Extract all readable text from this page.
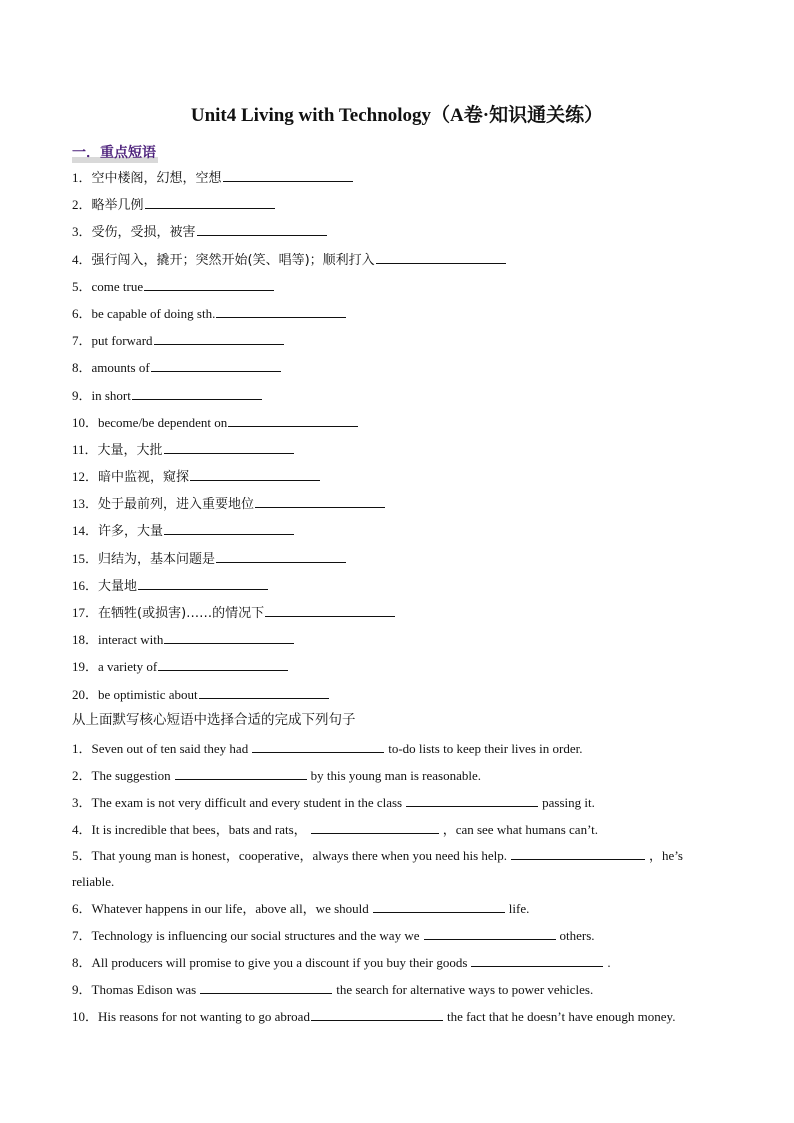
Unit4 Living with Technology（A卷·知识通关练）
一．重点短语
1．空中楼阁，幻想，空想
2．略举几例
3．受伤，受损，被害
4．强行闯入，撬开；突然开始(笑、唱等)；顺利打入
5．come true
6．be capable of doing sth.
7．put forward
8．amounts of
9．in short
10．become/be dependent on
11．大量，大批
12．暗中监视，窥探
13．处于最前列，进入重要地位
14．许多，大量
15．归结为，基本问题是
16．大量地
17．在牺牲(或损害)……的情况下
18．interact with
19．a variety of
20．be optimistic about
从上面默写核心短语中选择合适的完成下列句子
1．Seven out of ten said they had	to-do lists to keep their lives in order.
2．The suggestion	by this young man is reasonable.
3．The exam is not very difficult and every student in the class	passing it.
4．It is incredible that bees，bats and rats，	，can see what humans can’t.
5．That young man is honest，cooperative，always there when you need his help.	，he’s reliable.
6．Whatever happens in our life，above all，we should	life.
7．Technology is influencing our social structures and the way we	others.
8．All producers will promise to give you a discount if you buy their goods	.
9．Thomas Edison was	the search for alternative ways to power vehicles.
10．His reasons for not wanting to go abroad	the fact that he doesn’t have enough money.
